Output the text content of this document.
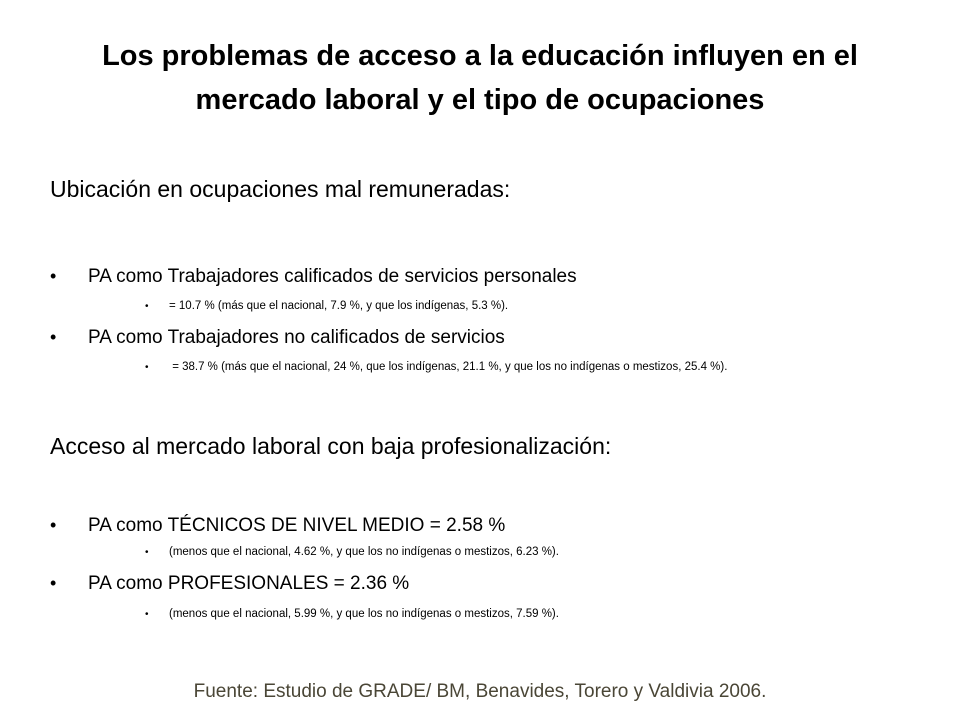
Los problemas de acceso a la educación influyen en el mercado laboral y el tipo de ocupaciones
Ubicación en ocupaciones mal remuneradas:
• PA como Trabajadores calificados de servicios personales
• = 10.7 % (más que el nacional, 7.9 %, y que los indígenas, 5.3 %).
• PA como Trabajadores no calificados de servicios
• = 38.7 % (más que el nacional, 24 %, que los indígenas, 21.1 %, y que los no indígenas o mestizos, 25.4 %).
Acceso al mercado laboral con baja profesionalización:
• PA como TÉCNICOS DE NIVEL MEDIO = 2.58 %
• (menos que el nacional, 4.62 %, y que los no indígenas o mestizos, 6.23 %).
• PA como PROFESIONALES = 2.36 %
• (menos que el nacional, 5.99 %, y que los no indígenas o mestizos, 7.59 %).
Fuente: Estudio de GRADE/ BM, Benavides, Torero y Valdivia 2006.
